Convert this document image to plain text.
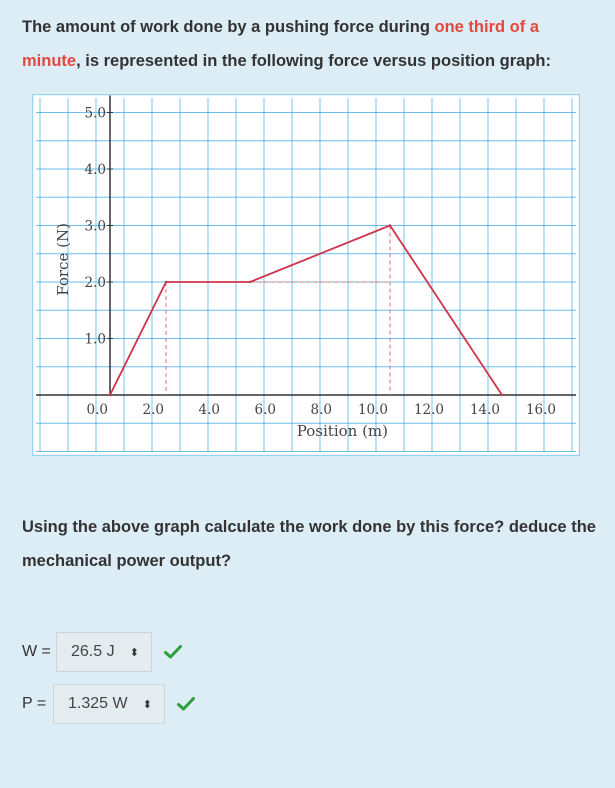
The amount of work done by a pushing force during one third of a minute, is represented in the following force versus position graph:
1.0
2.0
3.0
4.0
5.0
0.0	2.0	4.0	6.0	8.0 10.0 12.0 14.0 16.0
Position (m)
Force (N)
Using the above graph calculate the work done by this force? deduce the mechanical power output?
W =	26.5 J ⬍
P =	1.325 W ⬍
